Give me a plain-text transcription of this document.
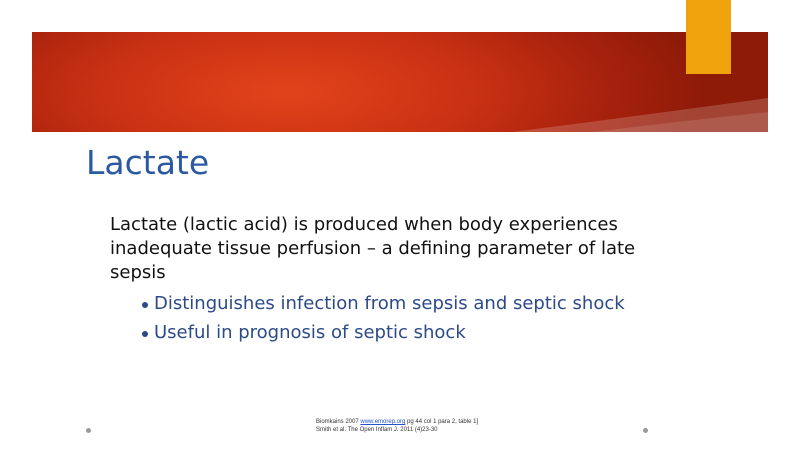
Lactate

Lactate (lactic acid) is produced when body experiences inadequate tissue perfusion – a defining parameter of late sepsis

Distinguishes infection from sepsis and septic shock
Useful in prognosis of septic shock
Biomkains 2007 www.emorep.org pg 44 col 1 para 2, table 1]
Smith et al. The Open Inflam J. 2011 (4)23-30
